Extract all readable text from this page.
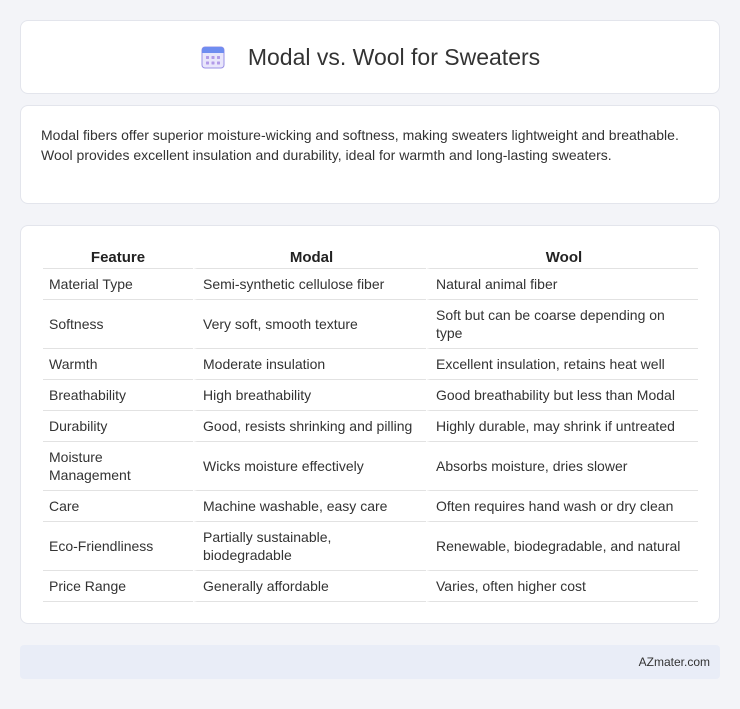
Modal vs. Wool for Sweaters

Modal fibers offer superior moisture-wicking and softness, making sweaters lightweight and breathable. Wool provides excellent insulation and durability, ideal for warmth and long-lasting sweaters.

Feature	Modal	Wool
Material Type	Semi-synthetic cellulose fiber	Natural animal fiber
Softness	Very soft, smooth texture	Soft but can be coarse depending on type
Warmth	Moderate insulation	Excellent insulation, retains heat well
Breathability	High breathability	Good breathability but less than Modal
Durability	Good, resists shrinking and pilling	Highly durable, may shrink if untreated
Moisture Management	Wicks moisture effectively	Absorbs moisture, dries slower
Care	Machine washable, easy care	Often requires hand wash or dry clean
Eco-Friendliness	Partially sustainable, biodegradable	Renewable, biodegradable, and natural
Price Range	Generally affordable	Varies, often higher cost
AZmater.com
